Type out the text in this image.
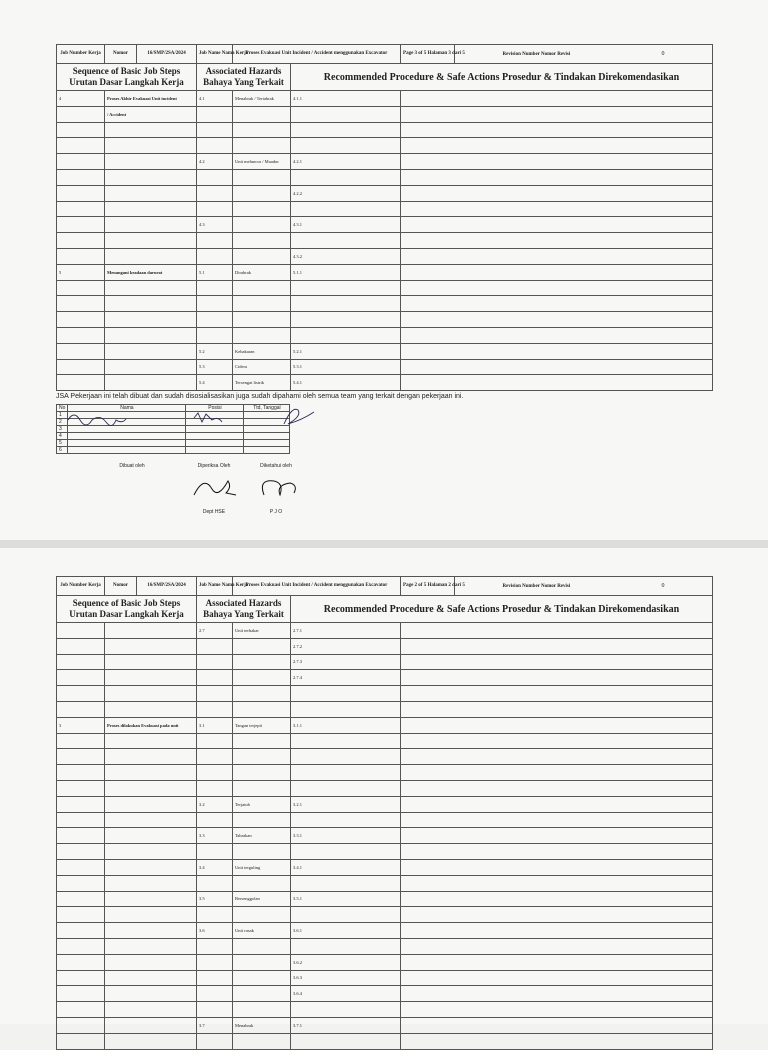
Job Number Kerja	Nomor	16/SMP/2SA/2024	Job Name Nama Kerja	Proses Evakuasi Unit Incident / Accident menggunakan Excavator		Page 3 of 5 Halaman 3 dari 5	Revision Number Nomor Revisi 0

Sequence of Basic Job Steps Urutan Dasar Langkah Kerja			Associated Hazards Bahaya Yang Terkait		Recommended Procedure & Safe Actions Prosedur & Tindakan Direkomendasikan		

4	Proses Akhir Evakuasi Unit incident		4.1	Menabrak / Tertabrak	4.1.1		
	/ Accident						

			4.2	Unit meluncur / Muadur	4.2.1		

					4.2.2		

			4.3		4.3.1		

					4.3.2		
5	Menangani keadaan darurat		5.1	Dirabrak	5.1.1		

			5.2	Kebakaran	5.2.1		
			5.3	Cidera	5.3.1		
			5.4	Tersengat listrik	5.4.1		
JSA Pekerjaan ini telah dibuat dan sudah disosialisasikan juga sudah dipahami oleh semua team yang terkait dengan pekerjaan ini.
No	Nama	Posisi	Ttd, Tanggal
1			
2			
3			
4			
5			
6			
Dibuat oleh	Diperiksa Oleh
Dept HSE
Diketahui oleh
P J O
Job Number Kerja	Nomor	16/SMP/2SA/2024	Job Name Nama Kerja	Proses Evakuasi Unit Incident / Accident menggunakan Excavator		Page 2 of 5 Halaman 2 dari 5	Revision Number Nomor Revisi 0

Sequence of Basic Job Steps Urutan Dasar Langkah Kerja			Associated Hazards Bahaya Yang Terkait		Recommended Procedure & Safe Actions Prosedur & Tindakan Direkomendasikan		

			2.7	Unit terbakar	2.7.1		
					2.7.2		
					2.7.3		
					2.7.4		

3	Proses dilakukan Evakuasi pada unit		3.1	Tangan terjepit	3.1.1		

			3.2	Terjatuh	3.2.1		

			3.3	Tabrakan	3.3.1		

			3.4	Unit terguling	3.4.1		

			3.5	Bersenggolan	3.5.1		

			3.6	Unit rusak	3.6.1		

					3.6.2		
					3.6.3		
					3.6.4		

			3.7	Menabrak	3.7.1		
